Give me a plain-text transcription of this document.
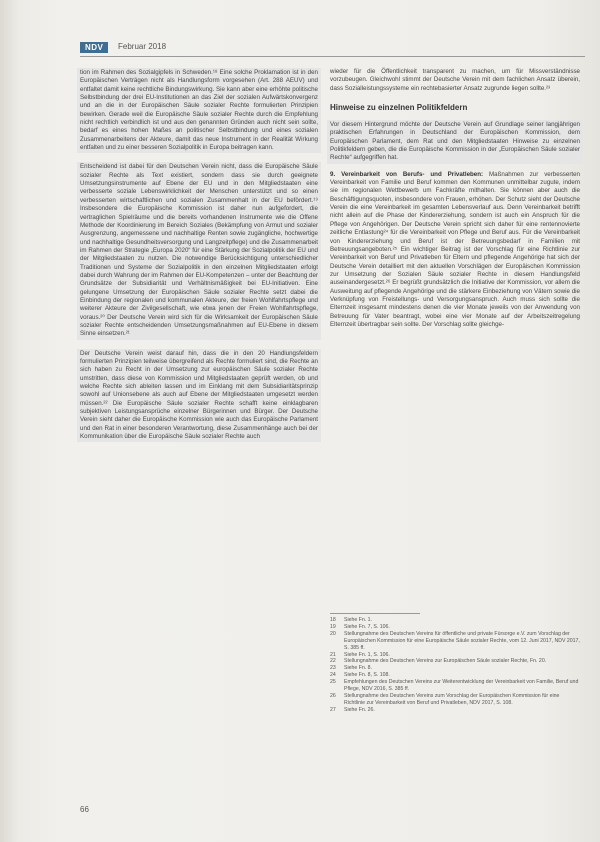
NDV	Februar 2018

tion im Rahmen des Sozialgipfels in Schweden.¹⁸ Eine solche Proklamation ist in den Europäischen Verträgen nicht als Handlungsform vorgesehen (Art. 288 AEUV) und entfaltet damit keine rechtliche Bindungswirkung. Sie kann aber eine erhöhte politische Selbstbindung der drei EU-Institutionen an das Ziel der sozialen Aufwärtskonvergenz und an die in der Europäischen Säule sozialer Rechte formulierten Prinzipien bewirken. Gerade weil die Europäische Säule sozialer Rechte durch die Empfehlung nicht rechtlich verbindlich ist und aus den genannten Gründen auch nicht sein sollte, bedarf es eines hohen Maßes an politischer Selbstbindung und eines sozialen Zusammenarbeitens der Akteure, damit das neue Instrument in der Realität Wirkung entfalten und zu einer besseren Sozialpolitik in Europa beitragen kann.

Entscheidend ist dabei für den Deutschen Verein nicht, dass die Europäische Säule sozialer Rechte als Text existiert, sondern dass sie durch geeignete Umsetzungsinstrumente auf Ebene der EU und in den Mitgliedstaaten eine verbesserte soziale Lebenswirklichkeit der Menschen unterstützt und so einen verbesserten wirtschaftlichen und sozialen Zusammenhalt in der EU befördert.¹⁹ Insbesondere die Europäische Kommission ist daher nun aufgefordert, die vertraglichen Spielräume und die bereits vorhandenen Instrumente wie die Offene Methode der Koordinierung im Bereich Soziales (Bekämpfung von Armut und sozialer Ausgrenzung, angemessene und nachhaltige Renten sowie zugängliche, hochwertige und nachhaltige Gesundheitsversorgung und Langzeitpflege) und die Zusammenarbeit im Rahmen der Strategie „Europa 2020“ für eine Stärkung der Sozialpolitik der EU und der Mitgliedstaaten zu nutzen. Die notwendige Berücksichtigung unterschiedlicher Traditionen und Systeme der Sozialpolitik in den einzelnen Mitgliedstaaten erfolgt dabei durch Wahrung der im Rahmen der EU-Kompetenzen – unter der Beachtung der Grundsätze der Subsidiarität und Verhältnismäßigkeit bei EU-Initiativen. Eine gelungene Umsetzung der Europäischen Säule sozialer Rechte setzt dabei die Einbindung der regionalen und kommunalen Akteure, der freien Wohlfahrtspflege und weiterer Akteure der Zivilgesellschaft, wie etwa jenen der Freien Wohlfahrtspflege, voraus.²⁰ Der Deutsche Verein wird sich für die Wirksamkeit der Europäischen Säule sozialer Rechte entscheidenden Umsetzungsmaßnahmen auf EU-Ebene in diesem Sinne einsetzen.²¹

Der Deutsche Verein weist darauf hin, dass die in den 20 Handlungsfeldern formulierten Prinzipien teilweise übergreifend als Rechte formuliert sind, die Rechte an sich haben zu Recht in der Umsetzung zur europäischen Säule sozialer Rechte umstritten, dass diese von Kommission und Mitgliedstaaten geprüft werden, ob und welche Rechte sich ableiten lassen und im Einklang mit dem Subsidiaritätsprinzip sowohl auf Unionsebene als auch auf Ebene der Mitgliedstaaten umgesetzt werden müssen.²² Die Europäische Säule sozialer Rechte schafft keine einklagbaren subjektiven Leistungsansprüche einzelner Bürgerinnen und Bürger. Der Deutsche Verein sieht daher die Europäische Kommission wie auch das Europäische Parlament und den Rat in einer besonderen Verantwortung, diese Zusammenhänge auch bei der Kommunikation über die Europäische Säule sozialer Rechte auch

wieder für die Öffentlichkeit transparent zu machen, um für Missverständnisse vorzubeugen. Gleichwohl stimmt der Deutsche Verein mit dem fachlichen Ansatz überein, dass Sozialleistungssysteme ein rechtebasierter Ansatz zugrunde liegen sollte.²³

Hinweise zu einzelnen Politikfeldern

Vor diesem Hintergrund möchte der Deutsche Verein auf Grundlage seiner langjährigen praktischen Erfahrungen in Deutschland der Europäischen Kommission, dem Europäischen Parlament, dem Rat und den Mitgliedstaaten Hinweise zu einzelnen Politikfeldern geben, die die Europäische Kommission in der „Europäischen Säule sozialer Rechte“ aufgegriffen hat.

9. Vereinbarkeit von Berufs- und Privatleben: Maßnahmen zur verbesserten Vereinbarkeit von Familie und Beruf kommen den Kommunen unmittelbar zugute, indem sie im regionalen Wettbewerb um Fachkräfte mithalten. Sie können aber auch die Beschäftigungsquoten, insbesondere von Frauen, erhöhen. Der Schutz sieht der Deutsche Verein die eine Vereinbarkeit im gesamten Lebensverlauf aus. Denn Vereinbarkeit betrifft nicht allein auf die Phase der Kindererziehung, sondern ist auch ein Anspruch für die Pflege von Angehörigen. Der Deutsche Verein spricht sich daher für eine rentennovierte zeitliche Entlastung²⁴ für die Vereinbarkeit von Pflege und Beruf aus. Für die Vereinbarkeit von Kindererziehung und Beruf ist der Betreuungsbedarf in Familien mit Betreuungsangeboten.²⁵ Ein wichtiger Beitrag ist der Vorschlag für eine Richtlinie zur Vereinbarkeit von Beruf und Privatleben für Eltern und pflegende Angehörige hat sich der Deutsche Verein detailliert mit den aktuellen Vorschlägen der Europäischen Kommission zur Umsetzung der Sozialen Säule sozialer Rechte in diesem Handlungsfeld auseinandergesetzt.²⁶ Er begrüßt grundsätzlich die Initiative der Kommission, vor allem die Ausweitung auf pflegende Angehörige und die stärkere Einbeziehung von Vätern sowie die Verknüpfung von Freistellungs- und Versorgungsanspruch. Auch muss sich sollte die Elternzeit insgesamt mindestens denen die vier Monate jeweils von der Anwendung von Betreuung für Vater beantragt, wobei eine vier Monate auf der Arbeitszeitregelung Elternzeit übertragbar sein sollte. Der Vorschlag sollte gleichge-

18	Siehe Fn. 1.
19	Siehe Fn. 7, S. 106.
20	Stellungnahme des Deutschen Vereins für öffentliche und private Fürsorge e.V. zum Vorschlag der Europäischen Kommission für eine Europäische Säule sozialer Rechte, vom 12. Juni 2017, NDV 2017, S. 385 ff.
21	Siehe Fn. 1, S. 106.
22	Stellungnahme des Deutschen Vereins zur Europäischen Säule sozialer Rechte, Fn. 20.
23	Siehe Fn. 8.
24	Siehe Fn. 8, S. 108.
25	Empfehlungen des Deutschen Vereins zur Weiterentwicklung der Vereinbarkeit von Familie, Beruf und Pflege, NDV 2016, S. 385 ff.
26	Stellungnahme des Deutschen Vereins zum Vorschlag der Europäischen Kommission für eine Richtlinie zur Vereinbarkeit von Beruf und Privatleben, NDV 2017, S. 108.
27	Siehe Fn. 26.
66
